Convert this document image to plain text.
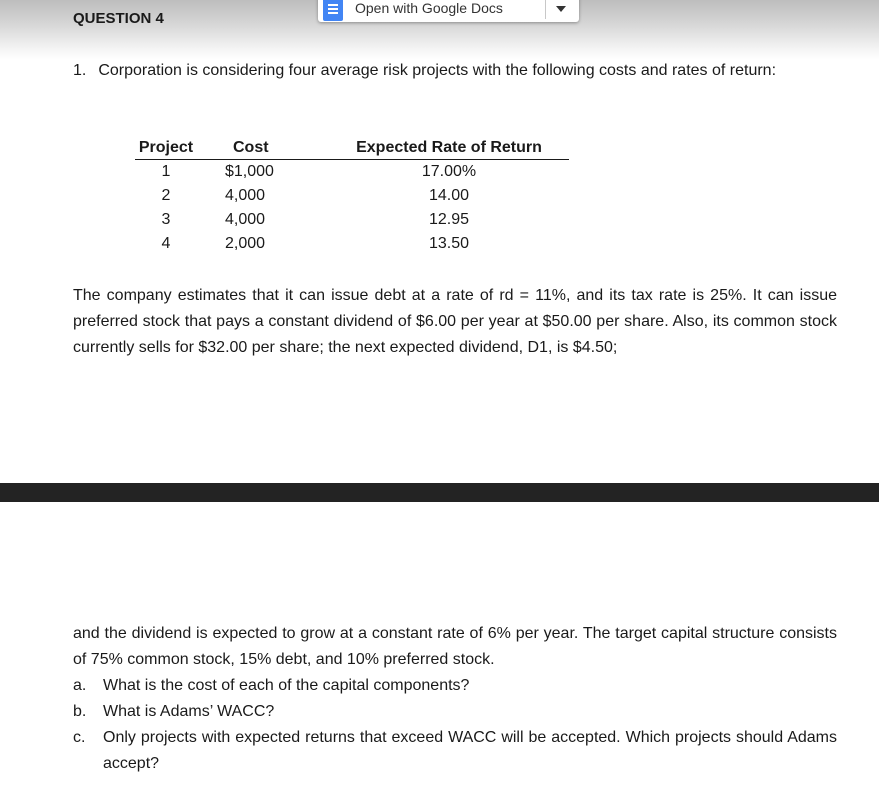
QUESTION 4
Open with Google Docs

1. Corporation is considering four average risk projects with the following costs and rates of return:

Project	Cost	Expected Rate of Return
1	$1,000	17.00%
2	4,000	14.00
3	4,000	12.95
4	2,000	13.50

The company estimates that it can issue debt at a rate of rd = 11%, and its tax rate is 25%. It can issue preferred stock that pays a constant dividend of $6.00 per year at $50.00 per share. Also, its common stock currently sells for $32.00 per share; the next expected dividend, D1, is $4.50;

and the dividend is expected to grow at a constant rate of 6% per year. The target capital structure consists of 75% common stock, 15% debt, and 10% preferred stock.

a. What is the cost of each of the capital components?
b. What is Adams’ WACC?
c. Only projects with expected returns that exceed WACC will be accepted. Which projects should Adams accept?
